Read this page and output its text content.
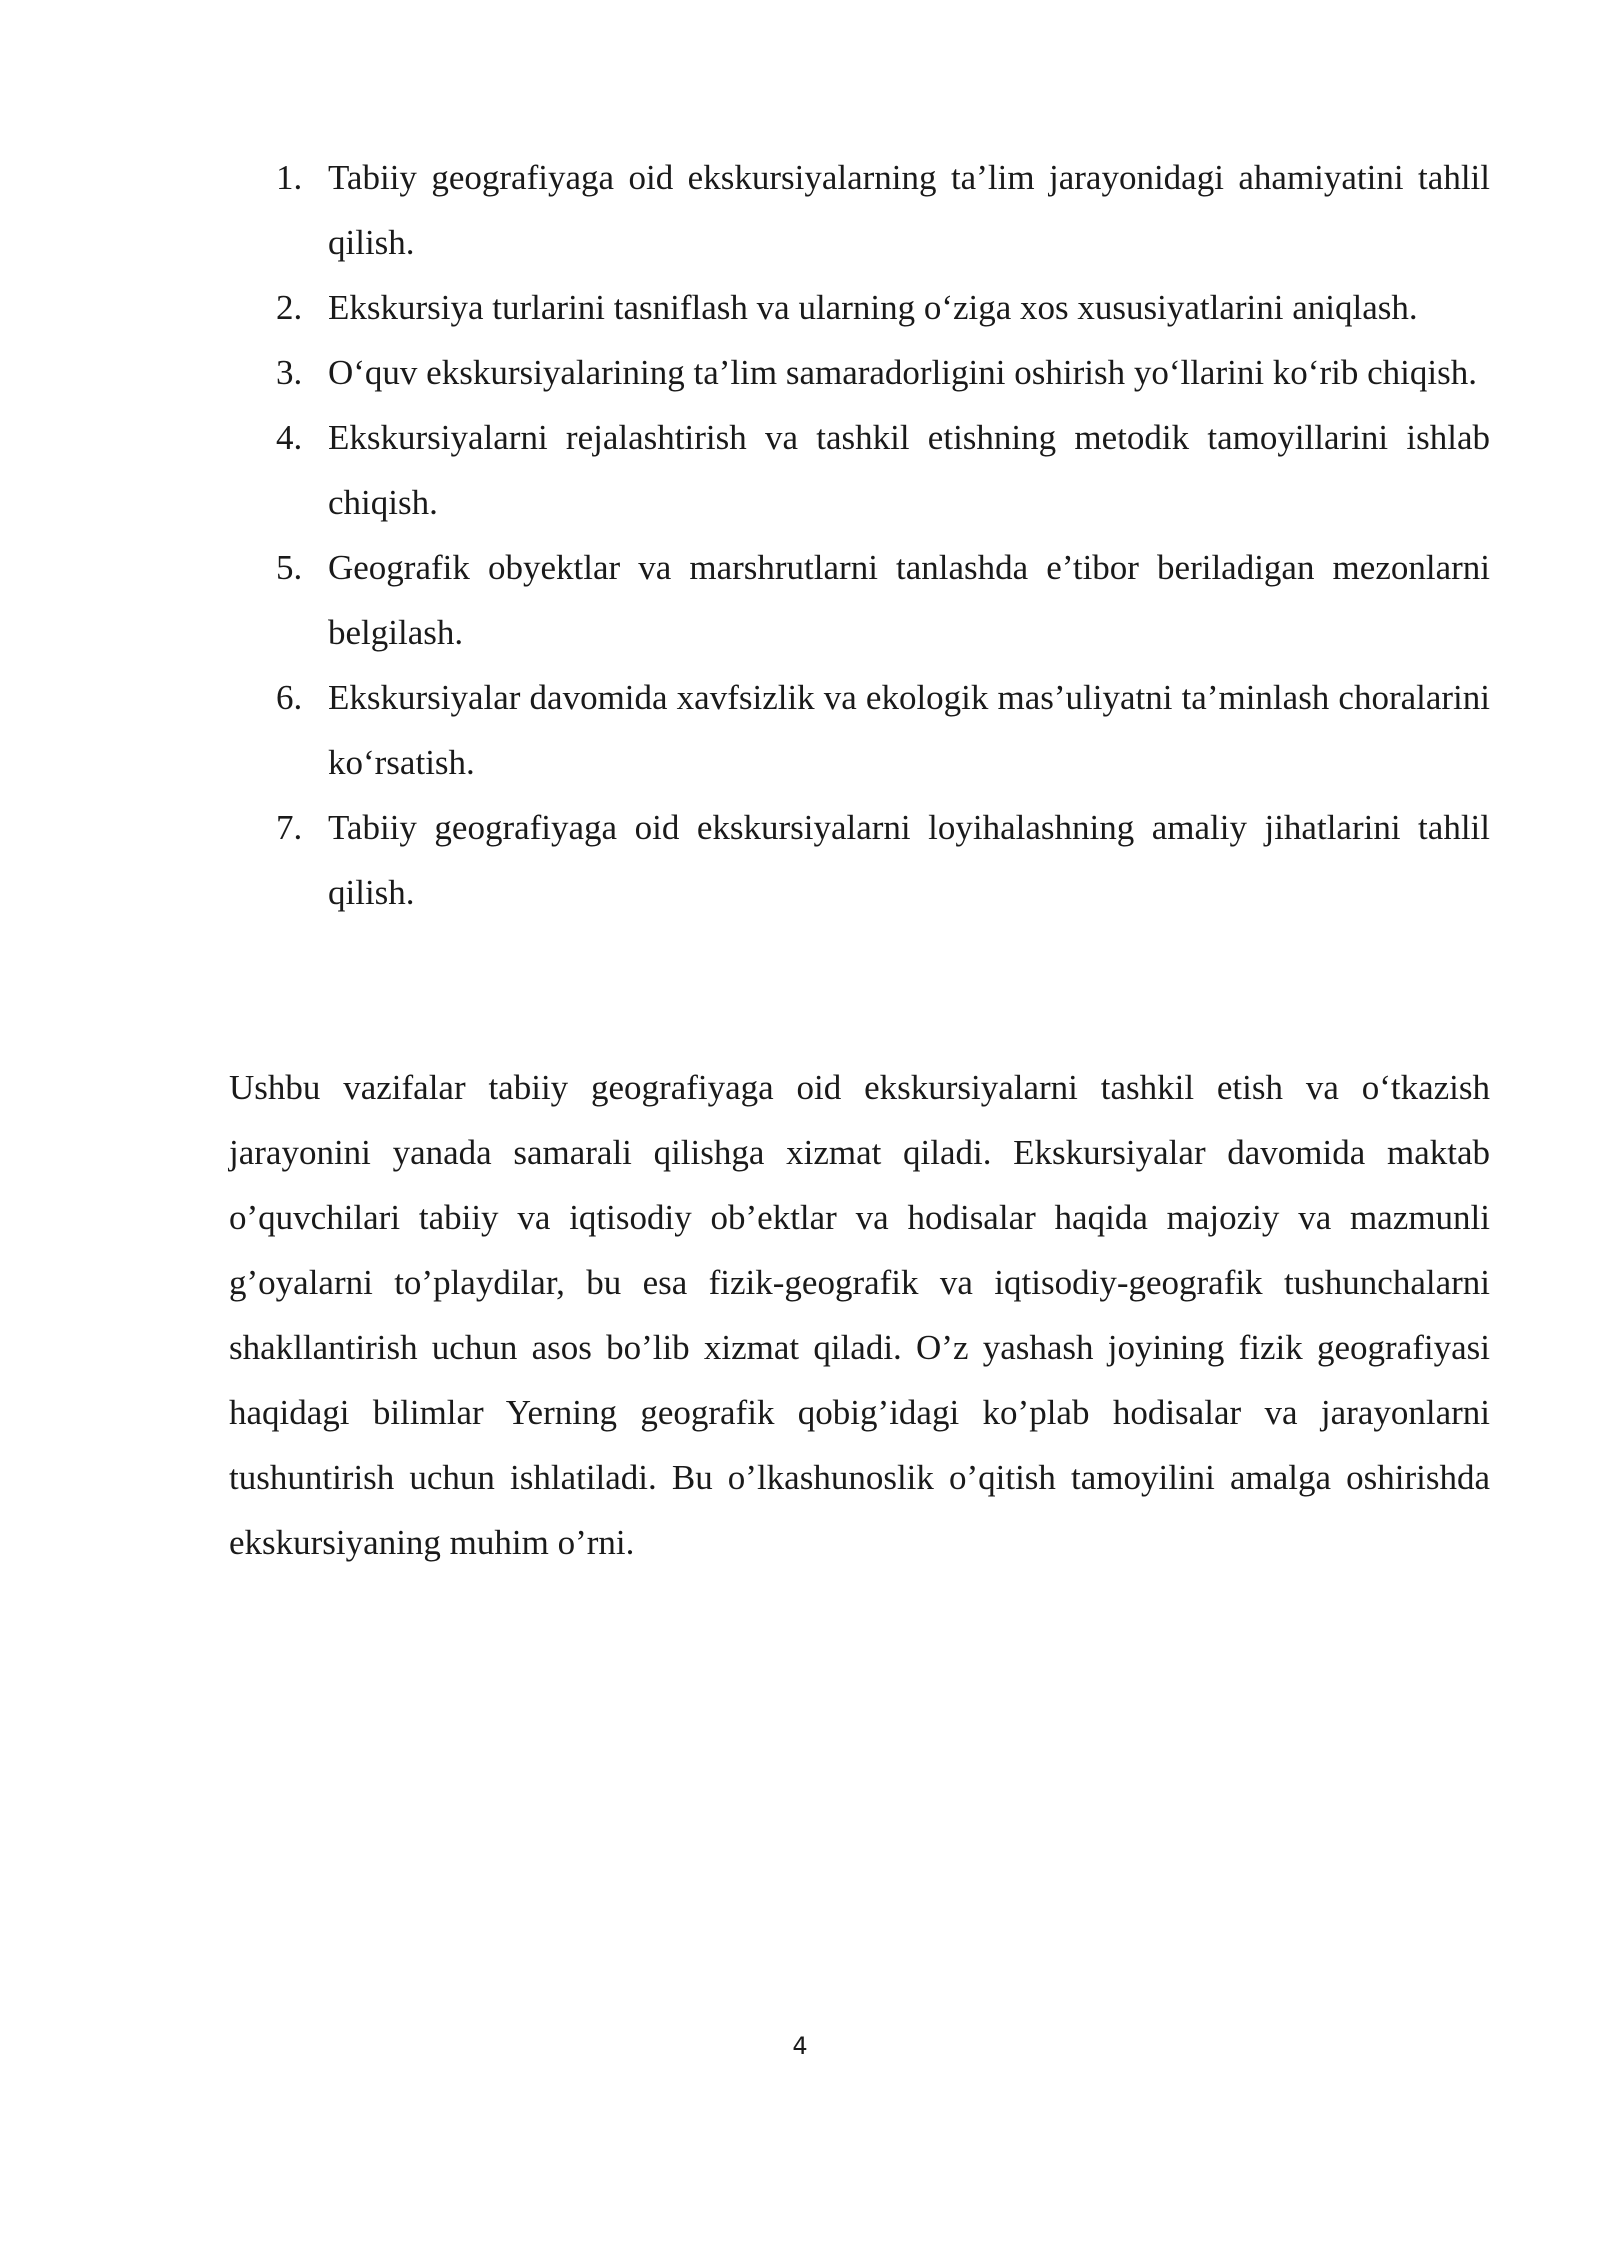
1. Tabiiy geografiyaga oid ekskursiyalarning ta’lim jarayonidagi ahamiyatini tahlil qilish.
2. Ekskursiya turlarini tasniflash va ularning o‘ziga xos xususiyatlarini aniqlash.
3. O‘quv ekskursiyalarining ta’lim samaradorligini oshirish yo‘llarini ko‘rib chiqish.
4. Ekskursiyalarni rejalashtirish va tashkil etishning metodik tamoyillarini ishlab chiqish.
5. Geografik obyektlar va marshrutlarni tanlashda e’tibor beriladigan mezonlarni belgilash.
6. Ekskursiyalar davomida xavfsizlik va ekologik mas’uliyatni ta’minlash choralarini ko‘rsatish.
7. Tabiiy geografiyaga oid ekskursiyalarni loyihalashning amaliy jihatlarini tahlil qilish.

Ushbu vazifalar tabiiy geografiyaga oid ekskursiyalarni tashkil etish va o‘tkazish jarayonini yanada samarali qilishga xizmat qiladi. Ekskursiyalar davomida maktab o’quvchilari tabiiy va iqtisodiy ob’ektlar va hodisalar haqida majoziy va mazmunli g’oyalarni to’playdilar, bu esa fizik-geografik va iqtisodiy-geografik tushunchalarni shakllantirish uchun asos bo’lib xizmat qiladi. O’z yashash joyining fizik geografiyasi haqidagi bilimlar Yerning geografik qobig’idagi ko’plab hodisalar va jarayonlarni tushuntirish uchun ishlatiladi. Bu o’lkashunoslik o’qitish tamoyilini amalga oshirishda ekskursiyaning muhim o’rni.

4
